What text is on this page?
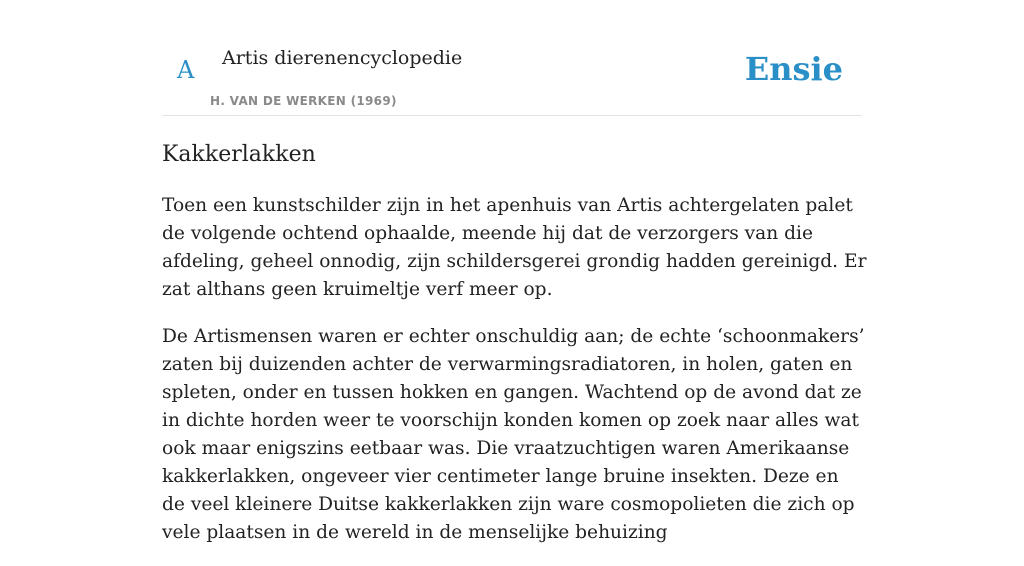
A Artis dierenencyclopedie
H. VAN DE WERKEN (1969)
Ensie
Kakkerlakken

Toen een kunstschilder zijn in het apenhuis van Artis achtergelaten palet de volgende ochtend ophaalde, meende hij dat de verzorgers van die afdeling, geheel onnodig, zijn schildersgerei grondig hadden gereinigd. Er zat althans geen kruimeltje verf meer op.

De Artismensen waren er echter onschuldig aan; de echte ‘schoonmakers’ zaten bij duizenden achter de verwarmingsradiatoren, in holen, gaten en spleten, onder en tussen hokken en gangen. Wachtend op de avond dat ze in dichte horden weer te voorschijn konden komen op zoek naar alles wat ook maar enigszins eetbaar was. Die vraatzuchtigen waren Amerikaanse kakkerlakken, ongeveer vier centimeter lange bruine insekten. Deze en de veel kleinere Duitse kakkerlakken zijn ware cosmopolieten die zich op vele plaatsen in de wereld in de menselijke behuizing
